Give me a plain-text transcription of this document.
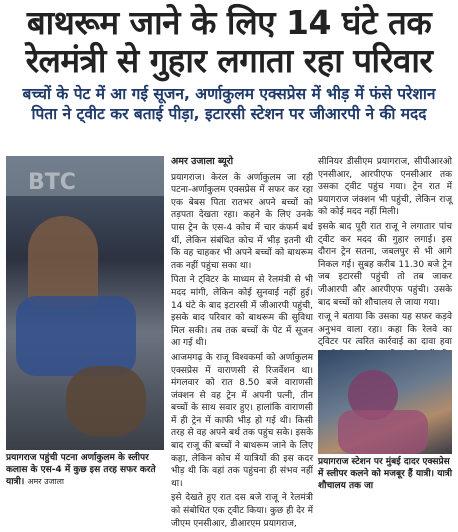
बाथरूम जाने के लिए 14 घंटे तक
रेलमंत्री से गुहार लगाता रहा परिवार
बच्चों के पेट में आ गई सूजन, अर्णाकुलम एक्सप्रेस में भीड़ में फंसे परेशान
पिता ने ट्वीट कर बताई पीड़ा, इटारसी स्टेशन पर जीआरपी ने की मदद
BTC
प्रयागराज पहुंची पटना अर्णाकुलम के स्लीपर कलास के एस-4 में कुछ इस तरह सफर करते यात्री। अमर उजाला
अमर उजाला ब्यूरो

प्रयागराज। केरल के अर्णाकुलम जा रही पटना-अर्णाकुलम एक्सप्रेस में सफर कर रहा एक बेबस पिता रातभर अपने बच्चों को तड़पता देखता रहा। कहने के लिए उनके पास ट्रेन के एस-4 कोच में चार कंफर्म बर्थ थीं, लेकिन संबंधित कोच में भीड़ इतनी थी कि वह चाहकर भी अपने बच्चों को बाथरूम तक नहीं पहुंचा सका था।

पिता ने ट्विटर के माध्यम से रेलमंत्री से भी मदद मांगी, लेकिन कोई सुनवाई नहीं हुई। 14 घंटे के बाद इटारसी में जीआरपी पहुंची, इसके बाद परिवार को बाथरूम की सुविधा मिल सकी। तब तक बच्चों के पेट में सूजन आ गई थी।

आजमगढ़ के राजू विश्वकर्मा को अर्णाकुलम एक्सप्रेस में वाराणसी से रिजर्वेशन था। मंगलवार को रात 8.50 बजे वाराणसी जंक्शन से वह ट्रेन में अपनी पत्नी, तीन बच्चों के साथ सवार हुए। हालांकि वाराणसी में ही ट्रेन में काफी भीड़ हो गई थी। किसी तरह से वह अपने बर्थ तक पहुंच सके। इसके बाद राजू की बच्चों ने बाथरूम जाने के लिए कहा, लेकिन कोच में यात्रियों की इस कदर भीड़ थी कि वहां तक पहुंचना ही संभव नहीं था।

इसे देखते हुए रात दस बजे राजू ने रेलमंत्री को संबोधित एक ट्वीट किया। कुछ ही देर में जीएम एनसीआर, डीआरएम प्रयागराज,

सीनियर डीसीएम प्रयागराज, सीपीआरओ एनसीआर, आरपीएफ एनसीआर तक उसका ट्वीट पहुंच गया। ट्रेन रात में प्रयागराज जंक्शन भी पहुंची, लेकिन राजू को कोई मदद नहीं मिली।

इसके बाद पूरी रात राजू ने लगातार पांच ट्वीट कर मदद की गुहार लगाई। इस दौरान ट्रेन सतना, जबलपुर से भी आगे निकल गई। सुबह करीब 11.30 बजे ट्रेन जब इटारसी पहुंची तो तब जाकर जीआरपी और आरपीएफ पहुंची। उसके बाद बच्चों को शौचालय ले जाया गया।

राजू ने बताया कि उसका यह सफर कड़वे अनुभव वाला रहा। कहा कि रेलवे का ट्विटर पर त्वरित कार्रवाई का दावा हवा

प्रयागराज स्टेशन पर मुंबई दादर एक्सप्रेस में स्लीपर कलने को मजबूर हैं यात्री। यात्री शौचालय तक जा
